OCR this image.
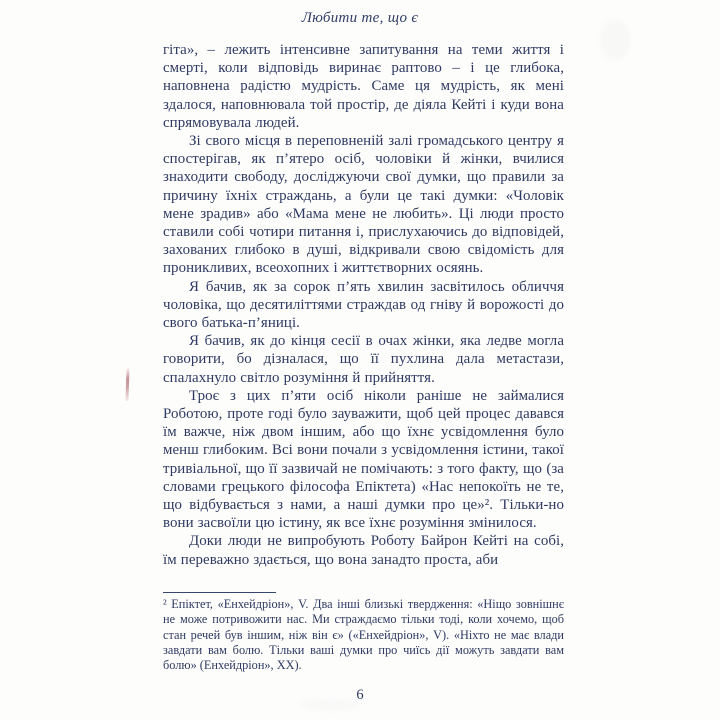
Любити те, що є

гіта», – лежить інтенсивне запитування на теми життя і смерті, коли відповідь виринає раптово – і це глибока, наповнена радістю мудрість. Саме ця мудрість, як мені здалося, наповнювала той простір, де діяла Кейті і куди вона спрямовувала людей.

Зі свого місця в переповненій залі громадського центру я спостерігав, як п’ятеро осіб, чоловіки й жінки, вчилися знаходити свободу, досліджуючи свої думки, що правили за причину їхніх страждань, а були це такі думки: «Чоловік мене зрадив» або «Мама мене не любить». Ці люди просто ставили собі чотири питання і, прислухаючись до відповідей, захованих глибоко в душі, відкривали свою свідомість для проникливих, всеохопних і життєтворних осяянь.

Я бачив, як за сорок п’ять хвилин засвітилось обличчя чоловіка, що десятиліттями страждав од гніву й ворожості до свого батька-п’яниці.

Я бачив, як до кінця сесії в очах жінки, яка ледве могла говорити, бо дізналася, що її пухлина дала метастази, спалахнуло світло розуміння й прийняття.

Троє з цих п’яти осіб ніколи раніше не займалися Роботою, проте годі було зауважити, щоб цей процес давався їм важче, ніж двом іншим, або що їхнє усвідомлення було менш глибоким. Всі вони почали з усвідомлення істини, такої тривіальної, що її зазвичай не помічають: з того факту, що (за словами грецького філософа Епіктета) «Нас непокоїть не те, що відбувається з нами, а наші думки про це»². Тільки-но вони засвоїли цю істину, як все їхнє розуміння змінилося.

Доки люди не випробують Роботу Байрон Кейті на собі, їм переважно здається, що вона занадто проста, аби

² Епіктет, «Енхейдріон», V. Два інші близькі твердження: «Ніщо зовнішнє не може потривожити нас. Ми страждаємо тільки тоді, коли хочемо, щоб стан речей був іншим, ніж він є» («Енхейдріон», V). «Ніхто не має влади завдати вам болю. Тільки ваші думки про чиїсь дії можуть завдати вам болю» (Енхейдріон», XX).

6
